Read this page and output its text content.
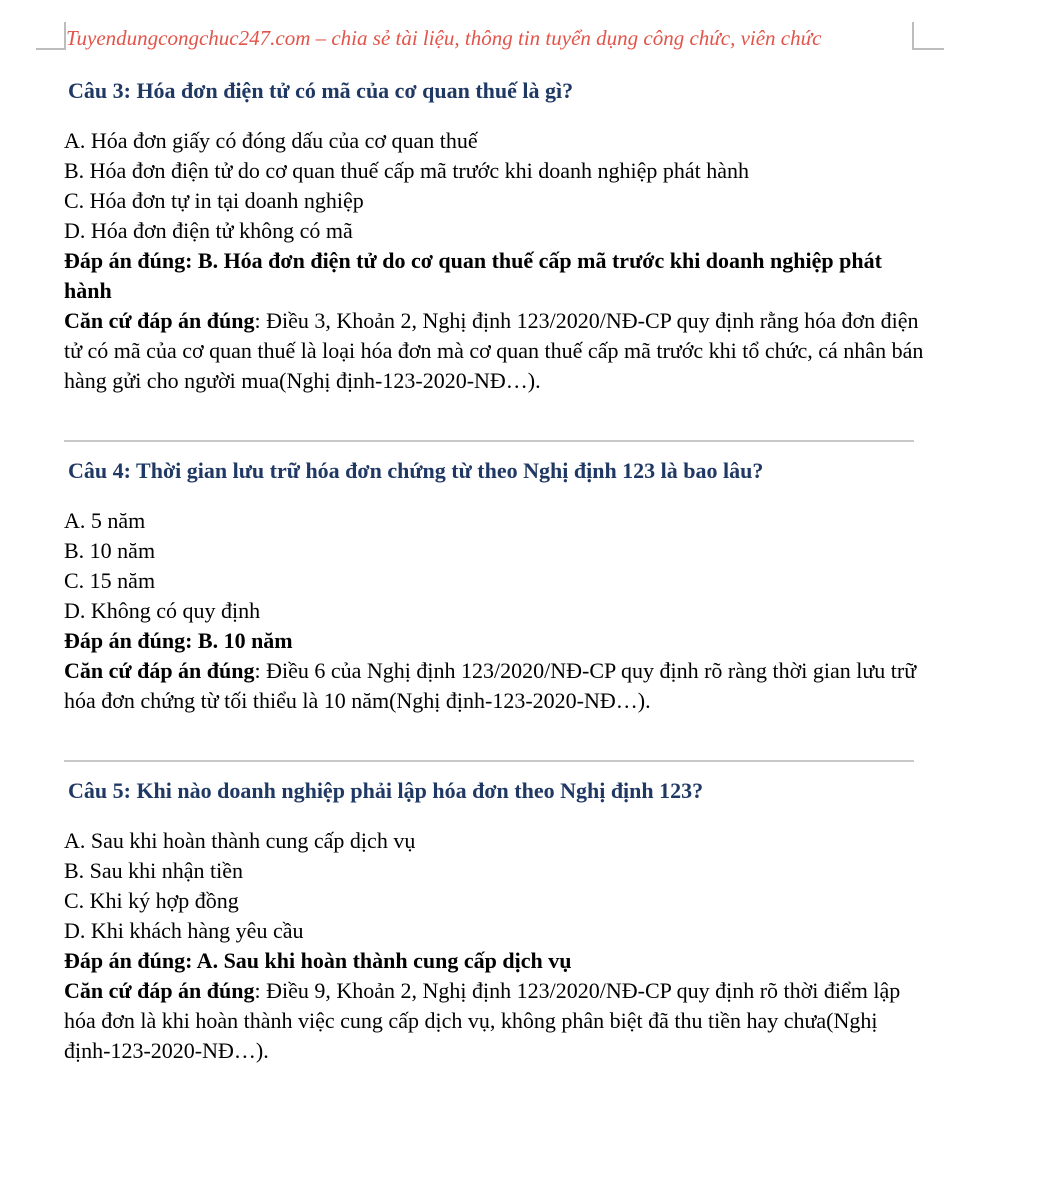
Tuyendungcongchuc247.com – chia sẻ tài liệu, thông tin tuyển dụng công chức, viên chức
Câu 3: Hóa đơn điện tử có mã của cơ quan thuế là gì?
A. Hóa đơn giấy có đóng dấu của cơ quan thuế
B. Hóa đơn điện tử do cơ quan thuế cấp mã trước khi doanh nghiệp phát hành
C. Hóa đơn tự in tại doanh nghiệp
D. Hóa đơn điện tử không có mã
Đáp án đúng: B. Hóa đơn điện tử do cơ quan thuế cấp mã trước khi doanh nghiệp phát hành
Căn cứ đáp án đúng: Điều 3, Khoản 2, Nghị định 123/2020/NĐ-CP quy định rằng hóa đơn điện tử có mã của cơ quan thuế là loại hóa đơn mà cơ quan thuế cấp mã trước khi tổ chức, cá nhân bán hàng gửi cho người mua(Nghị định-123-2020-NĐ…).
Câu 4: Thời gian lưu trữ hóa đơn chứng từ theo Nghị định 123 là bao lâu?
A. 5 năm
B. 10 năm
C. 15 năm
D. Không có quy định
Đáp án đúng: B. 10 năm
Căn cứ đáp án đúng: Điều 6 của Nghị định 123/2020/NĐ-CP quy định rõ ràng thời gian lưu trữ hóa đơn chứng từ tối thiểu là 10 năm(Nghị định-123-2020-NĐ…).
Câu 5: Khi nào doanh nghiệp phải lập hóa đơn theo Nghị định 123?
A. Sau khi hoàn thành cung cấp dịch vụ
B. Sau khi nhận tiền
C. Khi ký hợp đồng
D. Khi khách hàng yêu cầu
Đáp án đúng: A. Sau khi hoàn thành cung cấp dịch vụ
Căn cứ đáp án đúng: Điều 9, Khoản 2, Nghị định 123/2020/NĐ-CP quy định rõ thời điểm lập hóa đơn là khi hoàn thành việc cung cấp dịch vụ, không phân biệt đã thu tiền hay chưa(Nghị định-123-2020-NĐ…).
